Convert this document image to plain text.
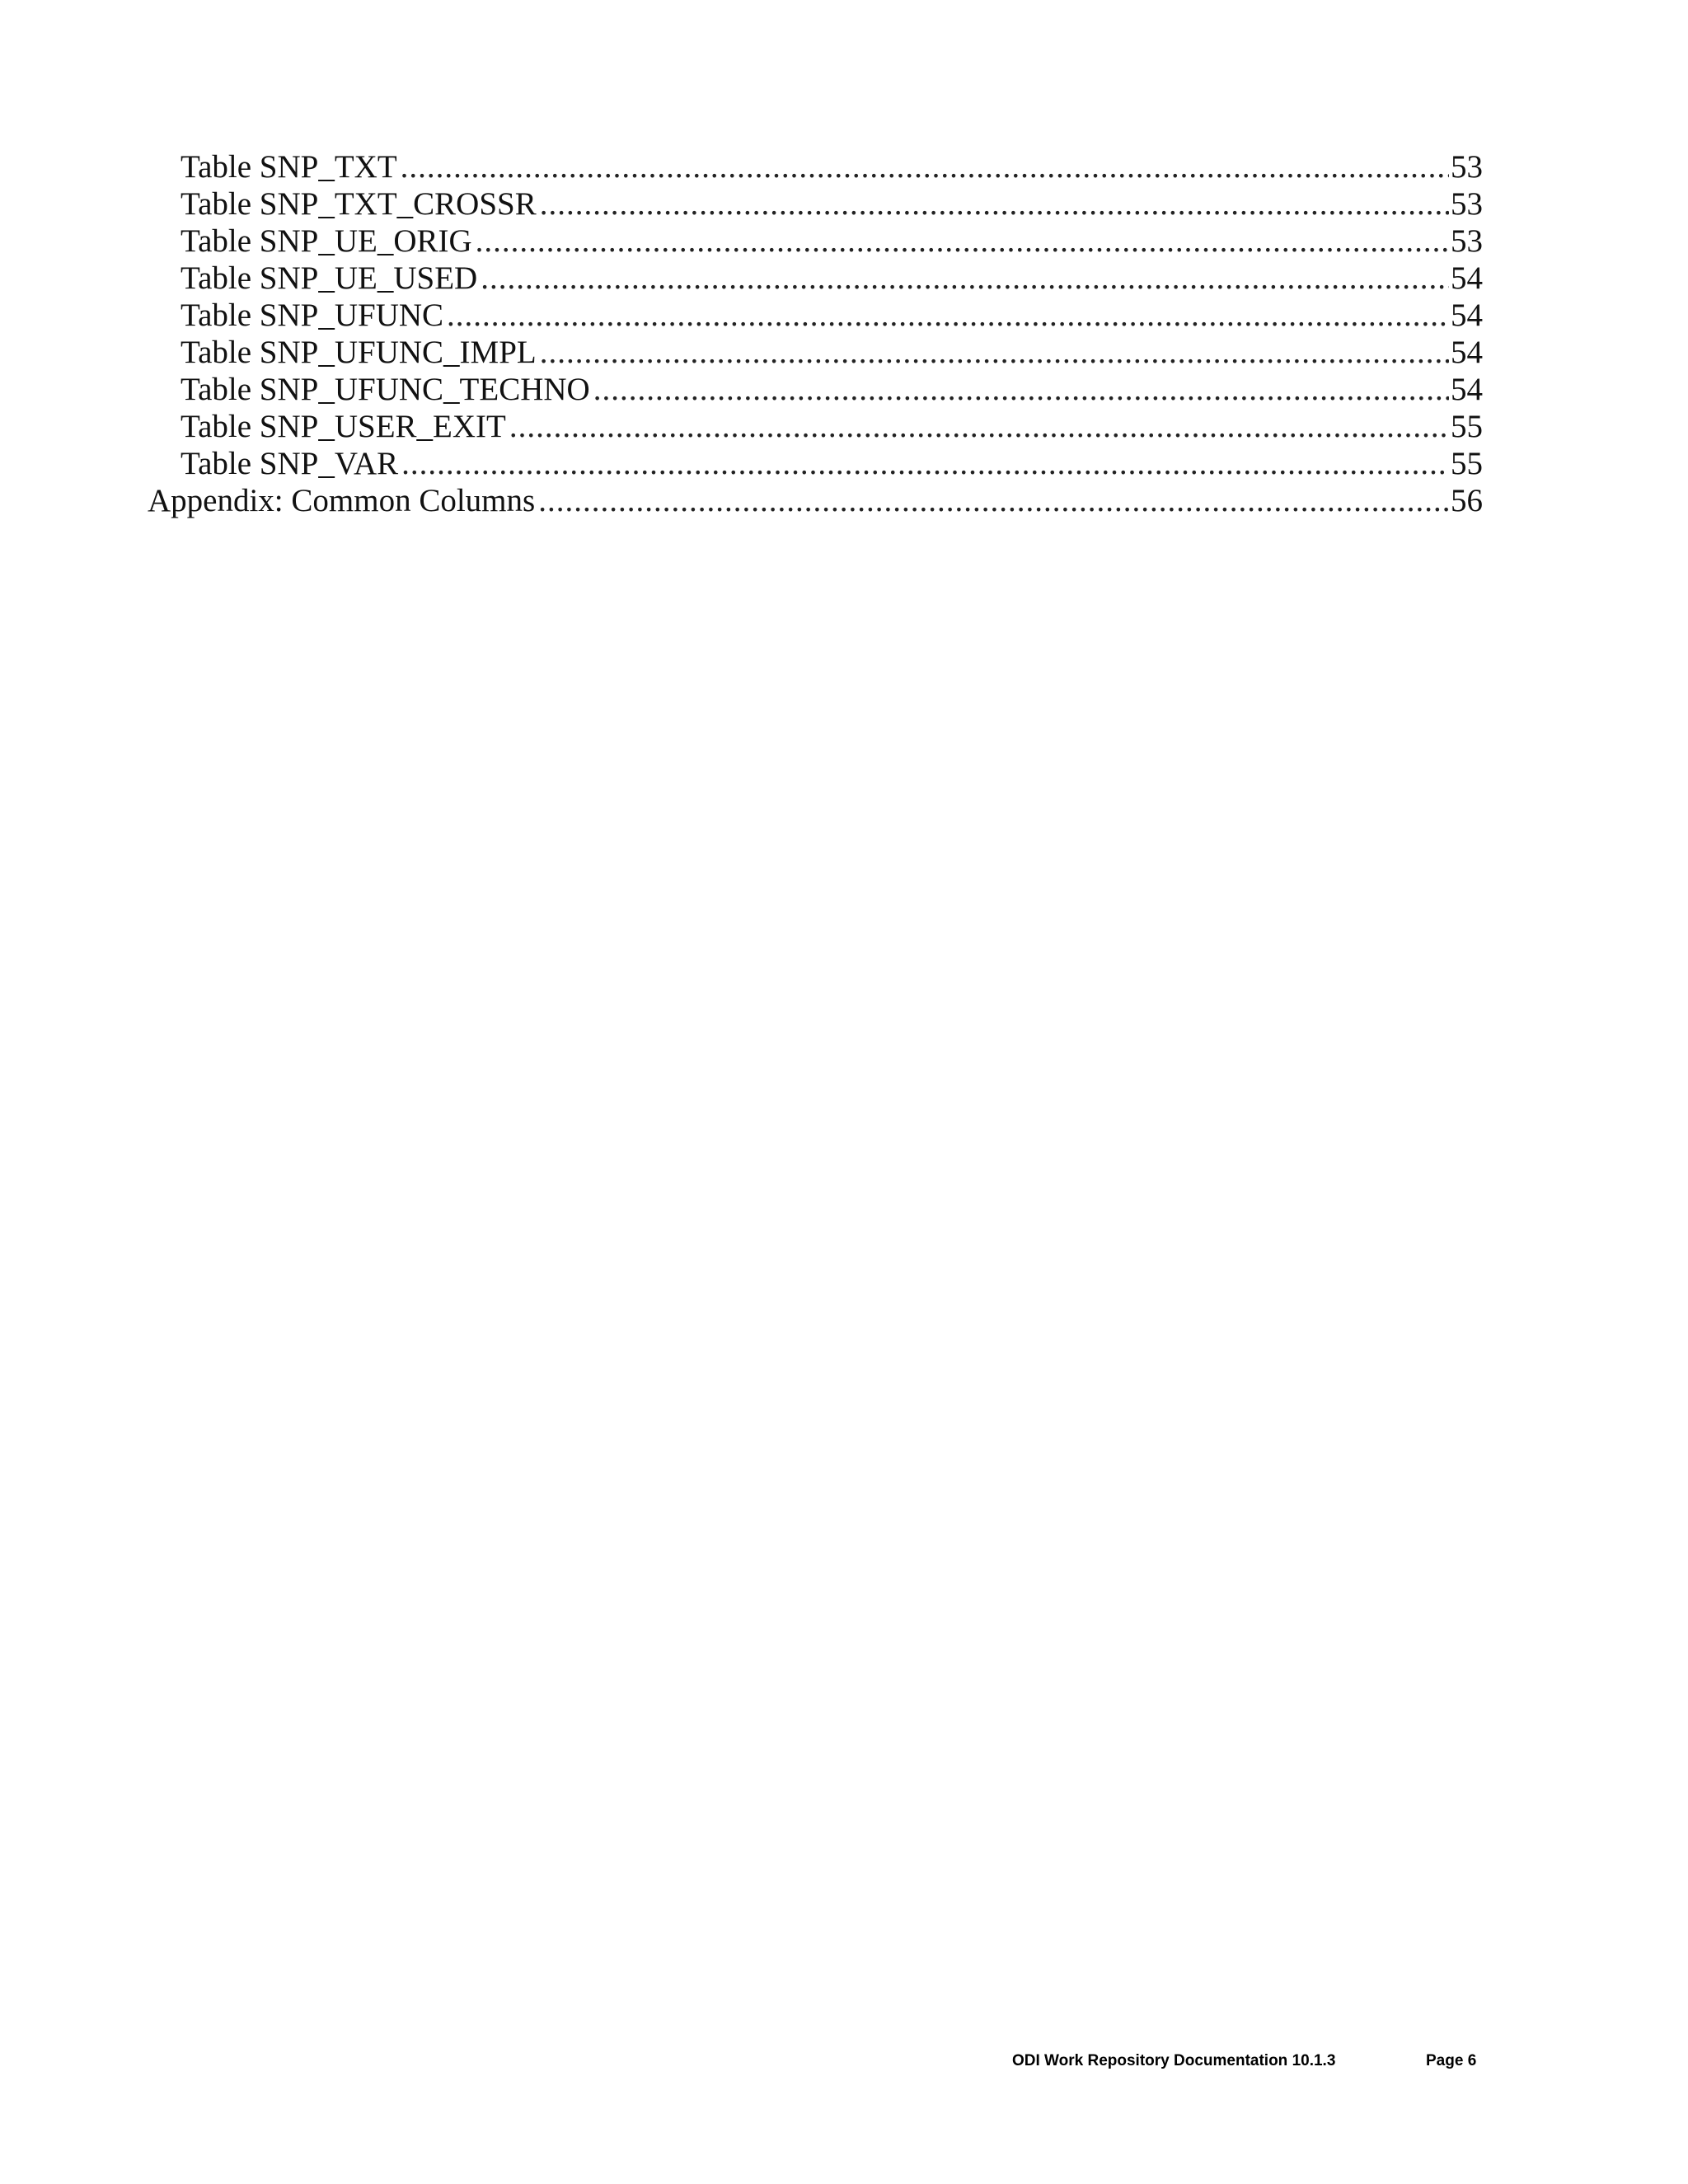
Table SNP_TXT .....	53
Table SNP_TXT_CROSSR .....	53
Table SNP_UE_ORIG .....	53
Table SNP_UE_USED .....	54
Table SNP_UFUNC .....	54
Table SNP_UFUNC_IMPL .....	54
Table SNP_UFUNC_TECHNO .....	54
Table SNP_USER_EXIT .....	55
Table SNP_VAR .....	55
Appendix: Common Columns .....	56
ODI Work Repository Documentation 10.1.3	Page 6
